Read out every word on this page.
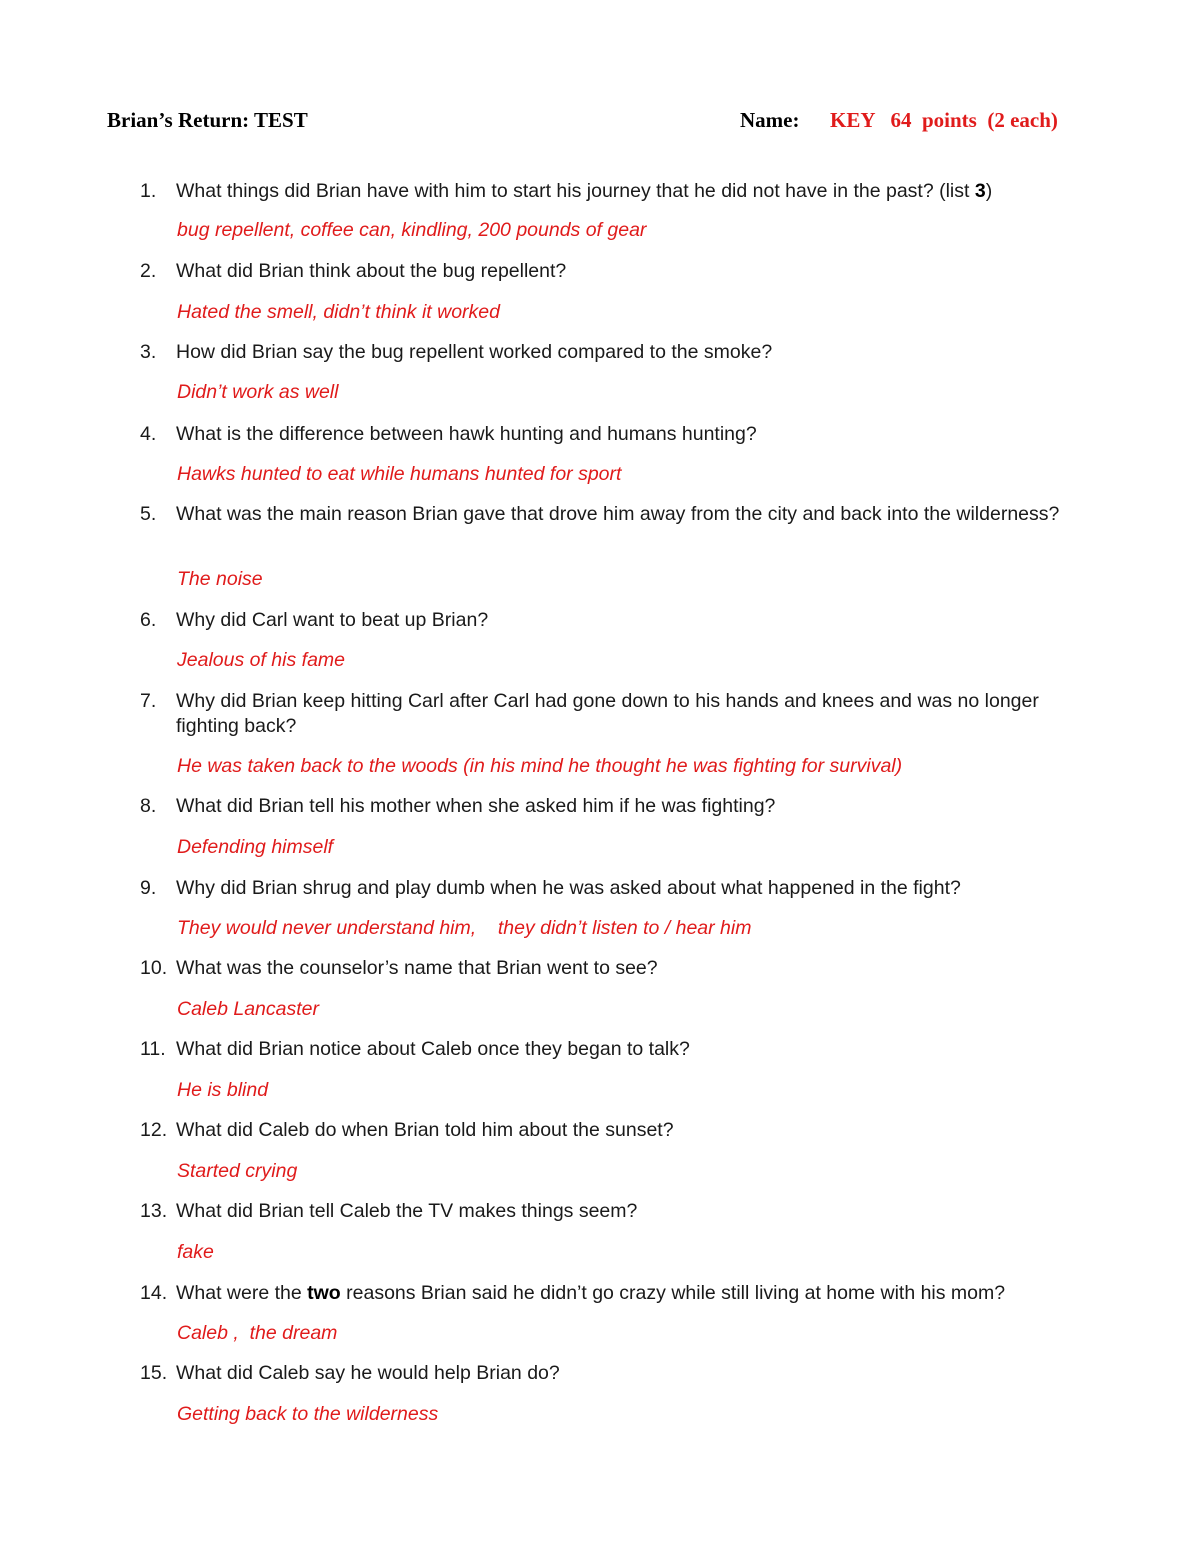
Brian’s Return: TEST	Name: KEY   64  points  (2 each)
1. What things did Brian have with him to start his journey that he did not have in the past? (list 3)
bug repellent, coffee can, kindling, 200 pounds of gear
2. What did Brian think about the bug repellent?
Hated the smell, didn’t think it worked
3. How did Brian say the bug repellent worked compared to the smoke?
Didn’t work as well
4. What is the difference between hawk hunting and humans hunting?
Hawks hunted to eat while humans hunted for sport
5. What was the main reason Brian gave that drove him away from the city and back into the wilderness?
The noise
6. Why did Carl want to beat up Brian?
Jealous of his fame
7. Why did Brian keep hitting Carl after Carl had gone down to his hands and knees and was no longer fighting back?
He was taken back to the woods (in his mind he thought he was fighting for survival)
8. What did Brian tell his mother when she asked him if he was fighting?
Defending himself
9. Why did Brian shrug and play dumb when he was asked about what happened in the fight?
They would never understand him,    they didn’t listen to / hear him
10. What was the counselor’s name that Brian went to see?
Caleb Lancaster
11. What did Brian notice about Caleb once they began to talk?
He is blind
12. What did Caleb do when Brian told him about the sunset?
Started crying
13. What did Brian tell Caleb the TV makes things seem?
fake
14. What were the two reasons Brian said he didn’t go crazy while still living at home with his mom?
Caleb ,  the dream
15. What did Caleb say he would help Brian do?
Getting back to the wilderness
